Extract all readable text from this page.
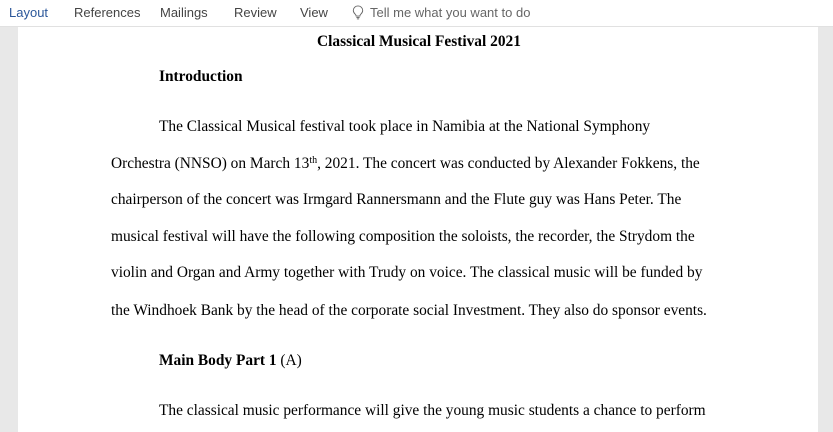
Layout References Mailings Review View	Tell me what you want to do
Classical Musical Festival 2021
Introduction
The Classical Musical festival took place in Namibia at the National Symphony
Orchestra (NNSO) on March 13th, 2021. The concert was conducted by Alexander Fokkens, the
chairperson of the concert was Irmgard Rannersmann and the Flute guy was Hans Peter. The
musical festival will have the following composition the soloists, the recorder, the Strydom the
violin and Organ and Army together with Trudy on voice. The classical music will be funded by
the Windhoek Bank by the head of the corporate social Investment. They also do sponsor events.
Main Body Part 1 (A)
The classical music performance will give the young music students a chance to perform
